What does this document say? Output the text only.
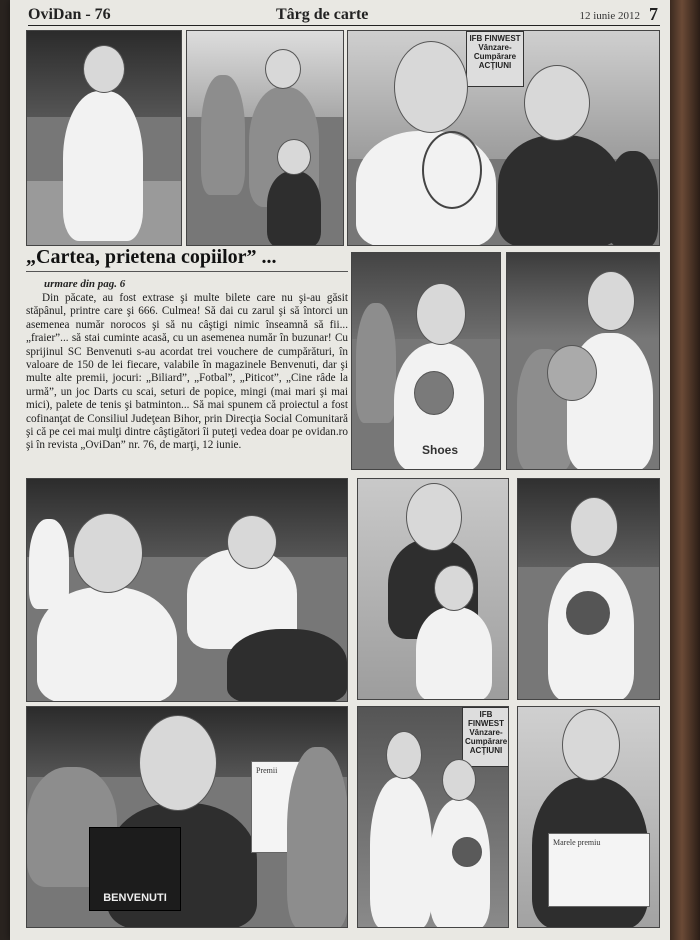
OviDan - 76	Târg de carte	12 iunie 2012 7
IFB FINWEST
Vânzare-
Cumpărare
ACŢIUNI
„Cartea, prietena copiilor” ...
urmare din pag. 6

Din păcate, au fost extrase şi multe bilete care nu şi-au găsit stăpânul, printre care şi 666. Culmea! Să dai cu zarul şi să întorci un asemenea număr norocos şi să nu câştigi nimic înseamnă să fii... „fraier”... să stai cuminte acasă, cu un asemenea număr în buzunar! Cu sprijinul SC Benvenuti s-au acordat trei vouchere de cumpărături, în valoare de 150 de lei fiecare, valabile în magazinele Benvenuti, dar şi multe alte premii, jocuri: „Biliard”, „Fotbal”, „Piticot”, „Cine râde la urmă”, un joc Darts cu scai, seturi de popice, mingi (mai mari şi mai mici), palete de tenis şi batminton... Să mai spunem că proiectul a fost cofinanţat de Consiliul Judeţean Bihor, prin Direcţia Social Comunitară şi că pe cei mai mulţi dintre câştigători îi puteţi vedea doar pe ovidan.ro şi în revista „OviDan” nr. 76, de marţi, 12 iunie.	Shoes
BENVENUTI
Premii
IFB FINWEST
Vânzare-
Cumpărare
ACŢIUNI
Marele premiu
